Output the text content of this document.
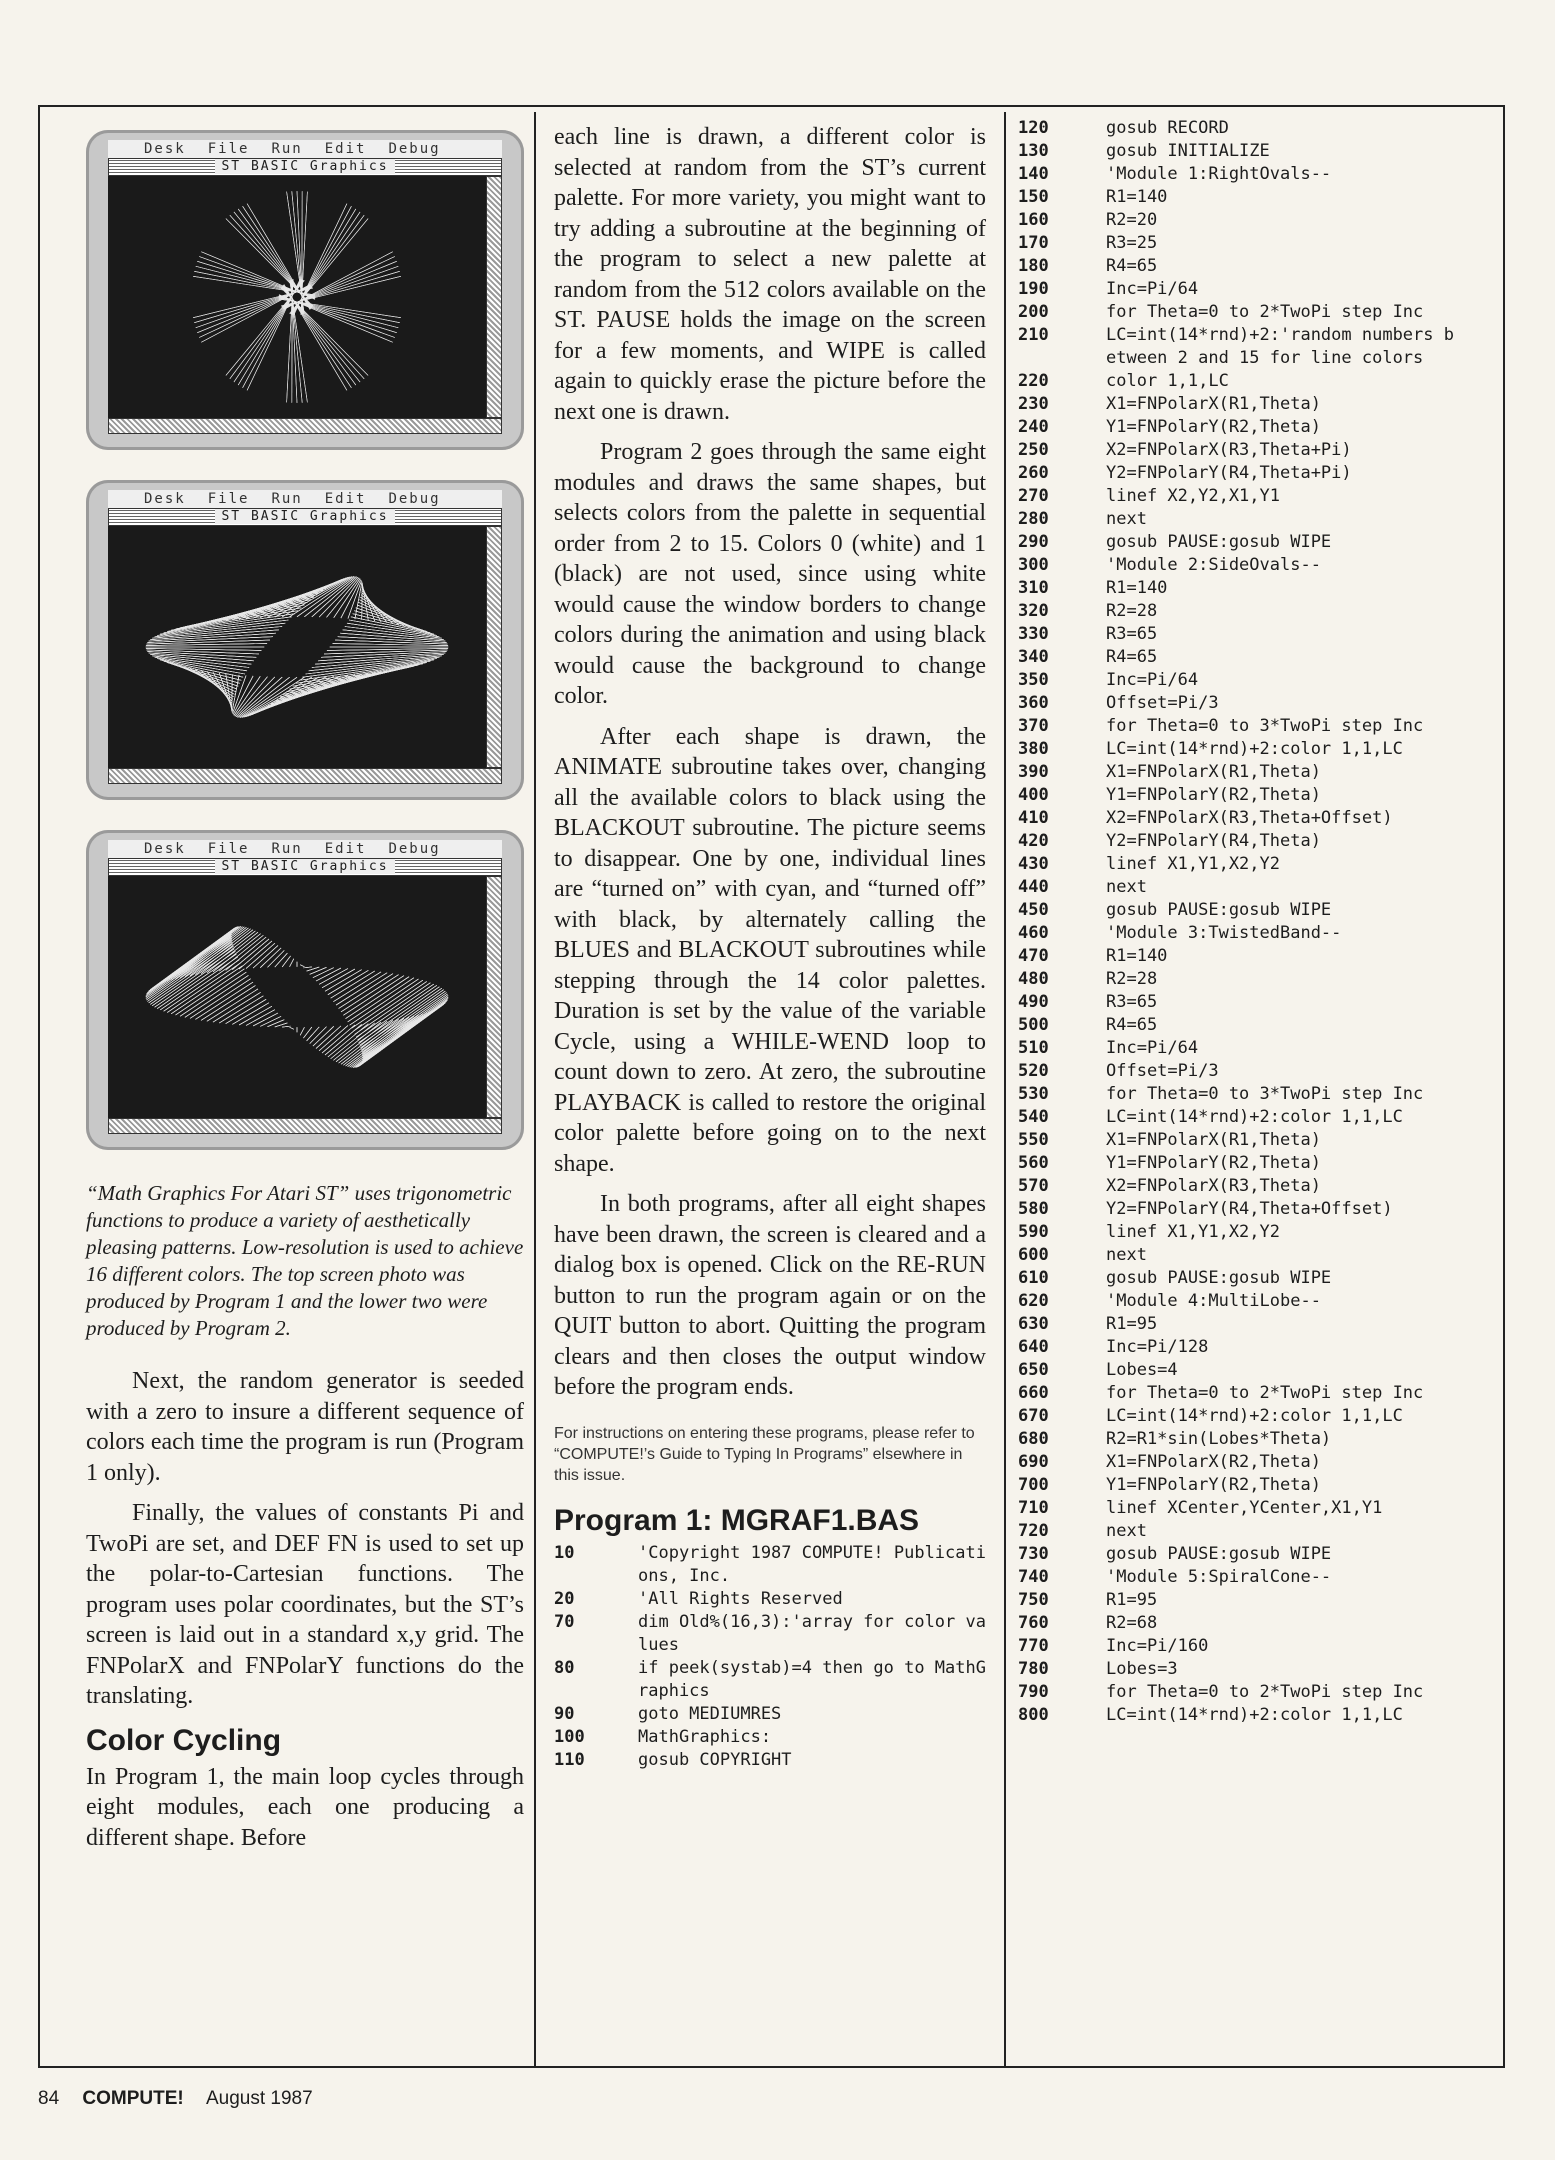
Desk File Run Edit Debug
ST BASIC Graphics
Desk File Run Edit Debug
ST BASIC Graphics
Desk File Run Edit Debug
ST BASIC Graphics
“Math Graphics For Atari ST” uses trigonometric functions to produce a variety of aesthetically pleasing patterns. Low-resolution is used to achieve 16 different colors. The top screen photo was produced by Program 1 and the lower two were produced by Program 2.

Next, the random generator is seeded with a zero to insure a different sequence of colors each time the program is run (Program 1 only).

Finally, the values of constants Pi and TwoPi are set, and DEF FN is used to set up the polar-to-Cartesian functions. The program uses polar coordinates, but the ST’s screen is laid out in a standard x,y grid. The FNPolarX and FNPolarY functions do the translating.

Color Cycling

In Program 1, the main loop cycles through eight modules, each one producing a different shape. Before

each line is drawn, a different color is selected at random from the ST’s current palette. For more variety, you might want to try adding a subroutine at the beginning of the program to select a new palette at random from the 512 colors available on the ST. PAUSE holds the image on the screen for a few moments, and WIPE is called again to quickly erase the picture before the next one is drawn.

Program 2 goes through the same eight modules and draws the same shapes, but selects colors from the palette in sequential order from 2 to 15. Colors 0 (white) and 1 (black) are not used, since using white would cause the window borders to change colors during the animation and using black would cause the background to change color.

After each shape is drawn, the ANIMATE subroutine takes over, changing all the available colors to black using the BLACKOUT subroutine. The picture seems to disappear. One by one, individual lines are “turned on” with cyan, and “turned off” with black, by alternately calling the BLUES and BLACKOUT subroutines while stepping through the 14 color palettes. Duration is set by the value of the variable Cycle, using a WHILE-WEND loop to count down to zero. At zero, the subroutine PLAYBACK is called to restore the original color palette before going on to the next shape.

In both programs, after all eight shapes have been drawn, the screen is cleared and a dialog box is opened. Click on the RE-RUN button to run the program again or on the QUIT button to abort. Quitting the program clears and then closes the output window before the program ends.

For instructions on entering these programs, please refer to “COMPUTE!’s Guide to Typing In Programs” elsewhere in this issue.
Program 1: MGRAF1.BAS
10	'Copyright 1987 COMPUTE! Publications, Inc.
20	'All Rights Reserved
70	dim Old%(16,3):'array for color values
80	if peek(systab)=4 then go to MathGraphics
90	goto MEDIUMRES
100	MathGraphics:
110	gosub COPYRIGHT
120	gosub RECORD
130	gosub INITIALIZE
140	'Module 1:RightOvals--
150	R1=140
160	R2=20
170	R3=25
180	R4=65
190	Inc=Pi/64
200	for Theta=0 to 2*TwoPi step Inc
210	LC=int(14*rnd)+2:'random numbers between 2 and 15 for line colors
220	color 1,1,LC
230	X1=FNPolarX(R1,Theta)
240	Y1=FNPolarY(R2,Theta)
250	X2=FNPolarX(R3,Theta+Pi)
260	Y2=FNPolarY(R4,Theta+Pi)
270	linef X2,Y2,X1,Y1
280	next
290	gosub PAUSE:gosub WIPE
300	'Module 2:SideOvals--
310	R1=140
320	R2=28
330	R3=65
340	R4=65
350	Inc=Pi/64
360	Offset=Pi/3
370	for Theta=0 to 3*TwoPi step Inc
380	LC=int(14*rnd)+2:color 1,1,LC
390	X1=FNPolarX(R1,Theta)
400	Y1=FNPolarY(R2,Theta)
410	X2=FNPolarX(R3,Theta+Offset)
420	Y2=FNPolarY(R4,Theta)
430	linef X1,Y1,X2,Y2
440	next
450	gosub PAUSE:gosub WIPE
460	'Module 3:TwistedBand--
470	R1=140
480	R2=28
490	R3=65
500	R4=65
510	Inc=Pi/64
520	Offset=Pi/3
530	for Theta=0 to 3*TwoPi step Inc
540	LC=int(14*rnd)+2:color 1,1,LC
550	X1=FNPolarX(R1,Theta)
560	Y1=FNPolarY(R2,Theta)
570	X2=FNPolarX(R3,Theta)
580	Y2=FNPolarY(R4,Theta+Offset)
590	linef X1,Y1,X2,Y2
600	next
610	gosub PAUSE:gosub WIPE
620	'Module 4:MultiLobe--
630	R1=95
640	Inc=Pi/128
650	Lobes=4
660	for Theta=0 to 2*TwoPi step Inc
670	LC=int(14*rnd)+2:color 1,1,LC
680	R2=R1*sin(Lobes*Theta)
690	X1=FNPolarX(R2,Theta)
700	Y1=FNPolarY(R2,Theta)
710	linef XCenter,YCenter,X1,Y1
720	next
730	gosub PAUSE:gosub WIPE
740	'Module 5:SpiralCone--
750	R1=95
760	R2=68
770	Inc=Pi/160
780	Lobes=3
790	for Theta=0 to 2*TwoPi step Inc
800	LC=int(14*rnd)+2:color 1,1,LC
84 COMPUTE! August 1987
